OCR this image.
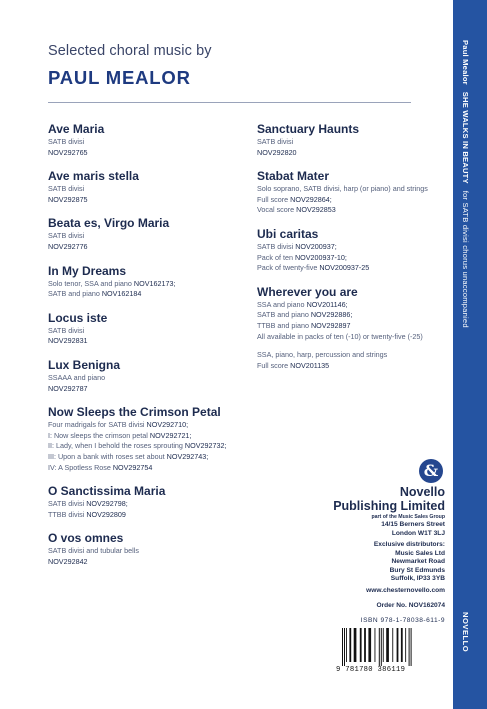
Selected choral music by
PAUL MEALOR
Ave Maria
SATB divisi
NOV292765
Ave maris stella
SATB divisi
NOV292875
Beata es, Virgo Maria
SATB divisi
NOV292776
In My Dreams
Solo tenor, SSA and piano NOV162173;
SATB and piano NOV162184
Locus iste
SATB divisi
NOV292831
Lux Benigna
SSAAA and piano
NOV292787
Now Sleeps the Crimson Petal
Four madrigals for SATB divisi NOV292710;
I: Now sleeps the crimson petal NOV292721;
II: Lady, when I behold the roses sprouting NOV292732;
III: Upon a bank with roses set about NOV292743;
IV: A Spotless Rose NOV292754
O Sanctissima Maria
SATB divisi NOV292798;
TTBB divisi NOV292809
O vos omnes
SATB divisi and tubular bells
NOV292842
Sanctuary Haunts
SATB divisi
NOV292820
Stabat Mater
Solo soprano, SATB divisi, harp (or piano) and strings
Full score NOV292864;
Vocal score NOV292853
Ubi caritas
SATB divisi NOV200937;
Pack of ten NOV200937-10;
Pack of twenty-five NOV200937-25
Wherever you are
SSA and piano NOV201146;
SATB and piano NOV292886;
TTBB and piano NOV292897
All available in packs of ten (-10) or twenty-five (-25)
SSA, piano, harp, percussion and strings
Full score NOV201135
Paul Mealor   SHE WALKS IN BEAUTY   for SATB divisi chorus unaccompanied
NOVELLO
&
Novello
Publishing Limited
part of the Music Sales Group
14/15 Berners Street
London W1T 3LJ
Exclusive distributors:
Music Sales Ltd
Newmarket Road
Bury St Edmunds
Suffolk, IP33 3YB
www.chesternovello.com
Order No. NOV162074
ISBN 978-1-78038-611-9
9 781780 386119
